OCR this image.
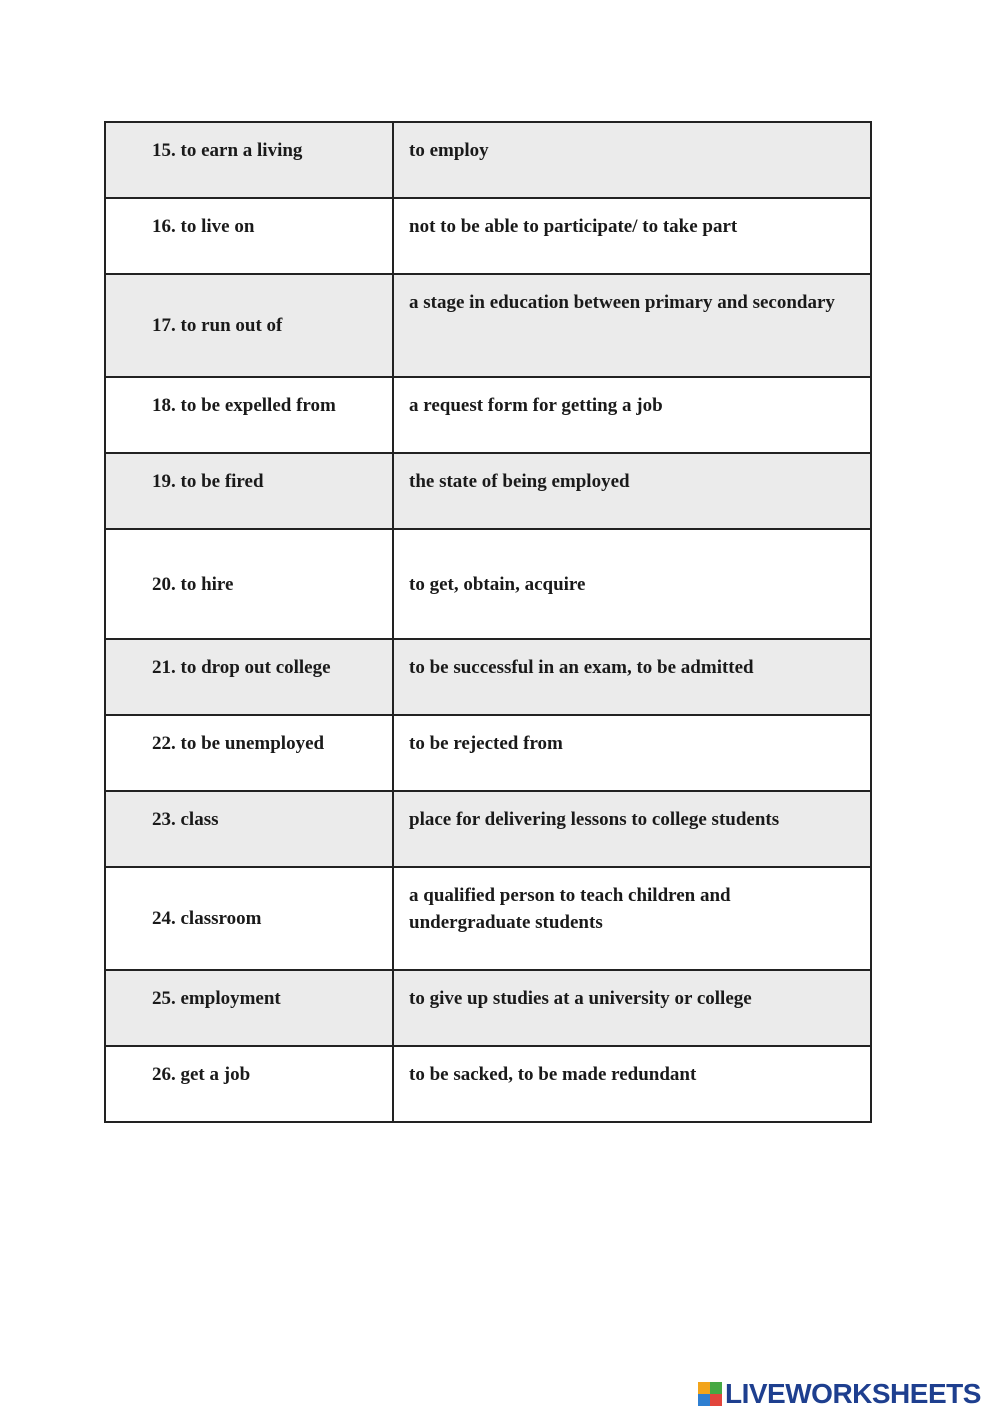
15. to earn a living	to employ
16. to live on	not to be able to participate/ to take part
17. to run out of	a stage in education between primary and secondary
18. to be expelled from	a request form for getting a job
19. to be fired	the state of being employed
20. to hire	to get, obtain, acquire
21. to drop out college	to be successful in an exam, to be admitted
22. to be unemployed	to be rejected from
23. class	place for delivering lessons to college students
24. classroom	a qualified person to teach children and undergraduate students
25. employment	to give up studies at a university or college
26. get a job	to be sacked, to be made redundant
LIVEWORKSHEETS
